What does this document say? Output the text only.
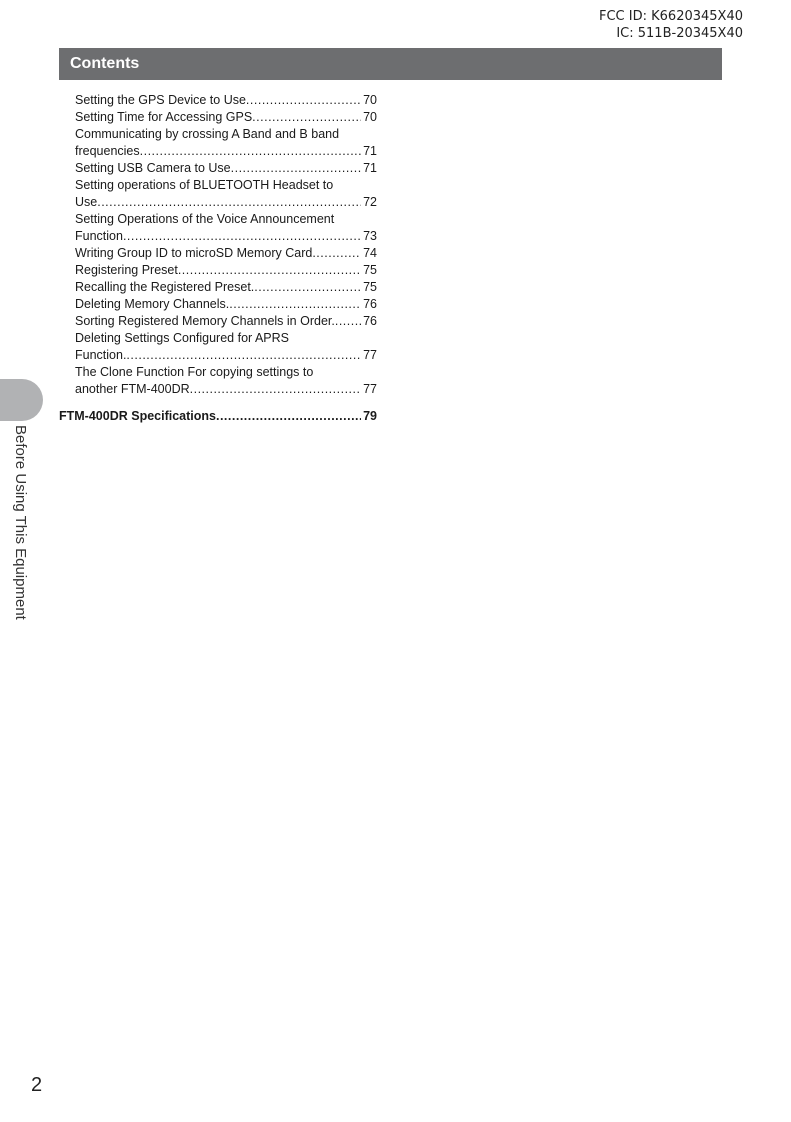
FCC ID: K6620345X40
IC: 511B-20345X40
Contents
Setting the GPS Device to Use .....	70
Setting Time for Accessing GPS .....	70
Communicating by crossing A Band and B band
frequencies .....	71
Setting USB Camera to Use .....	71
Setting operations of BLUETOOTH Headset to
Use .....	72
Setting Operations of the Voice Announcement
Function .....	73
Writing Group ID to microSD Memory Card .....	74
Registering Preset .....	75
Recalling the Registered Preset. .....	75
Deleting Memory Channels. .....	76
Sorting Registered Memory Channels in Order. ..... 76
Deleting Settings Configured for APRS
Function. .....	77
The Clone Function For copying settings to
another FTM-400DR .....	77
FTM-400DR Specifications .....	79
Before Using This Equipment
2
